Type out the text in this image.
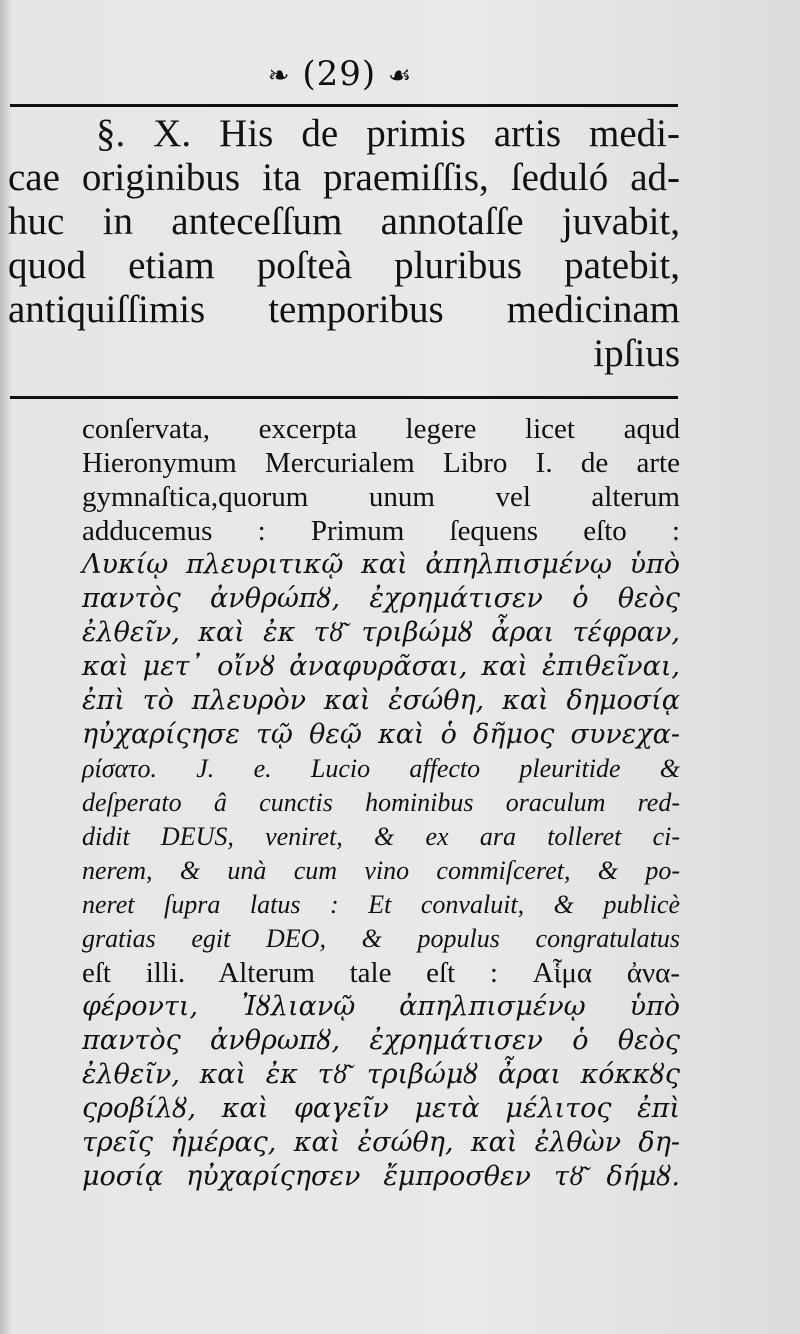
❧ (29) ☙
§. X. His de primis artis medi-
cae originibus ita praemiſſis, ſeduló ad-
huc in anteceſſum annotaſſe juvabit,
quod etiam poſteà pluribus patebit,
antiquiſſimis temporibus medicinam
ipſius
conſervata, excerpta legere licet aqud
Hieronymum Mercurialem Libro I. de arte
gymnaſtica,quorum unum vel alterum
adducemus : Primum ſequens eſto :
Λυκίῳ πλευριτικῷ καὶ ἀπηλπισμένῳ ὑπὸ
παντὸς ἀνθρώπȣ, ἐχρημάτισεν ὁ θεὸς
ἐλθεῖν, καὶ ἐκ τȣ͂ τριβώμȣ ἆραι τέφραν,
καὶ μετ᾽ οἴνȣ ἀναφυρᾶσαι, καὶ ἐπιθεῖναι,
ἐπὶ τὸ πλευρὸν καὶ ἐσώθη, καὶ δημοσίᾳ
ηὐχαρίςησε τῷ θεῷ καὶ ὁ δῆμος συνεχα-
ρίσατο. J. e. Lucio affecto pleuritide &
deſperato â cunctis hominibus oraculum red-
didit DEUS, veniret, & ex ara tolleret ci-
nerem, & unà cum vino commiſceret, & po-
neret ſupra latus : Et convaluit, & publicè
gratias egit DEO, & populus congratulatus
eſt illi. Alterum tale eſt : Αἷμα ἀνα-
φέροντι, Ἰȣλιανῷ ἀπηλπισμένῳ ὑπὸ
παντὸς ἀνθρωπȣ, ἐχρημάτισεν ὁ θεὸς
ἐλθεῖν, καὶ ἐκ τȣ͂ τριβώμȣ ἆραι κόκκȣς
ςροβίλȣ, καὶ φαγεῖν μετὰ μέλιτος ἐπὶ
τρεῖς ἡμέρας, καὶ ἐσώθη, καὶ ἐλθὼν δη-
μοσίᾳ ηὐχαρίςησεν ἔμπροσθεν τȣ͂ δήμȣ.
